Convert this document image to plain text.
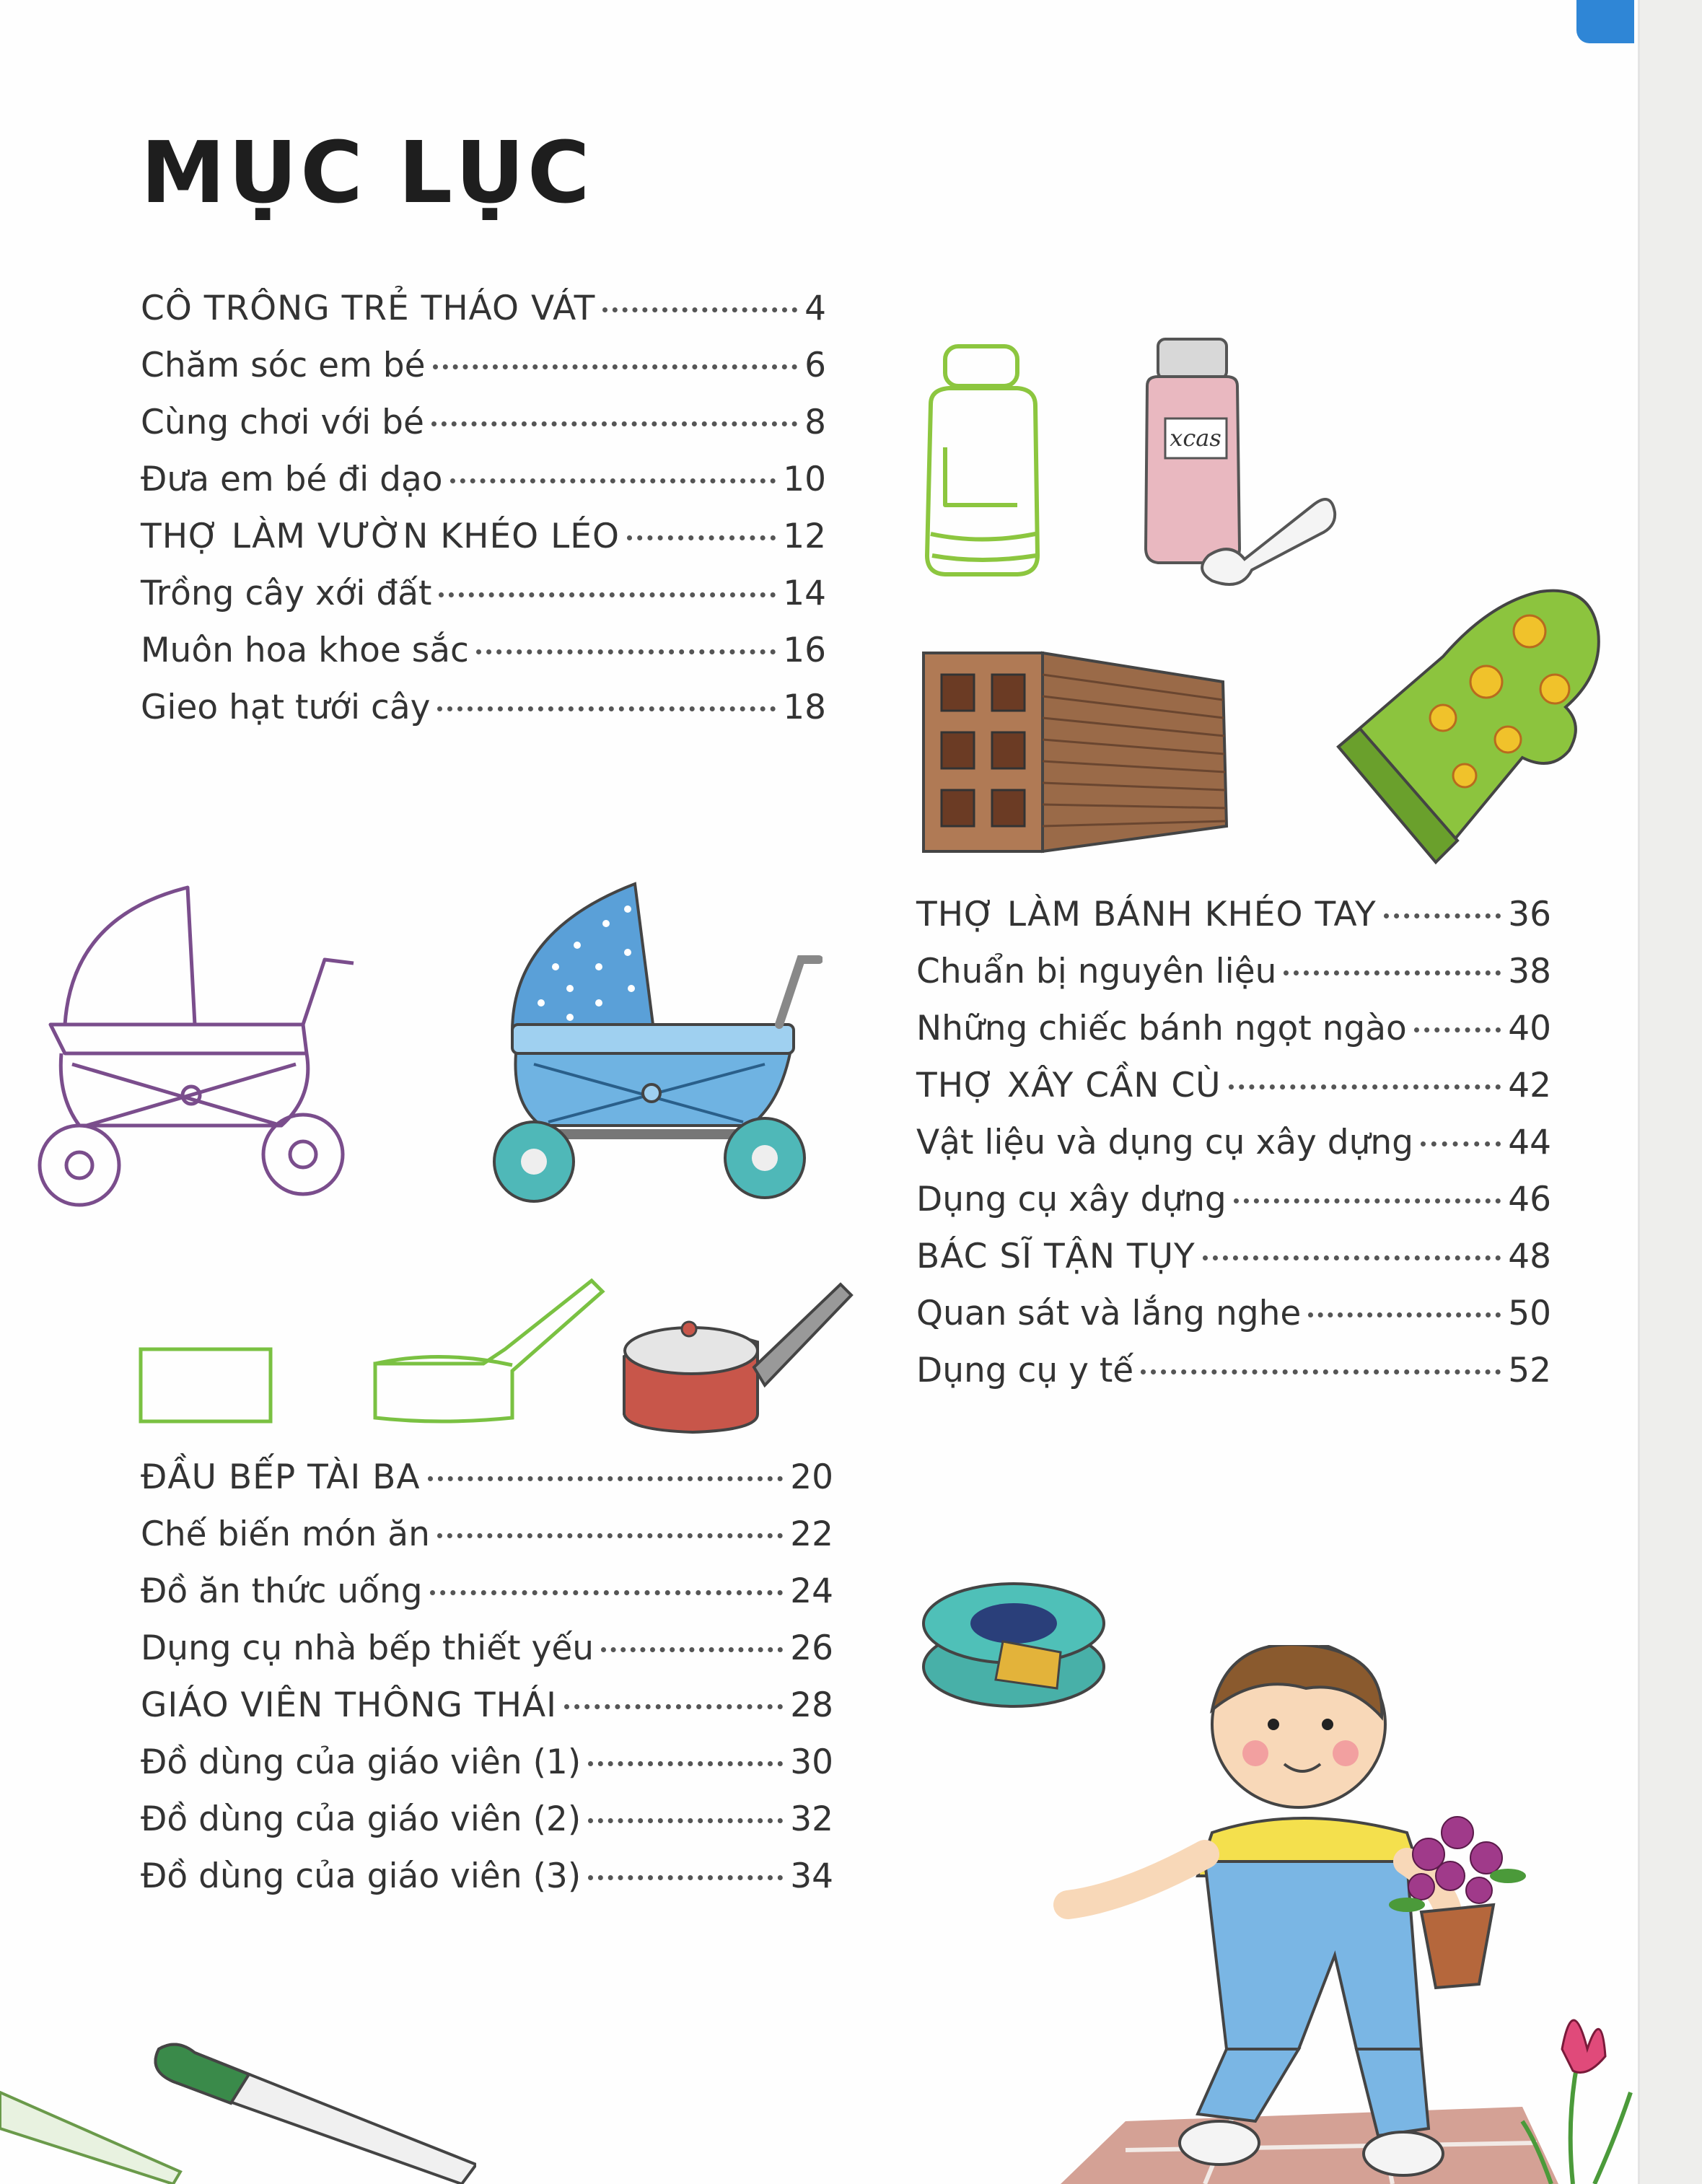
MỤC LỤC
CÔ TRÔNG TRẺ THÁO VÁT	4
Chăm sóc em bé	6
Cùng chơi với bé	8
Đưa em bé đi dạo	10
THỢ LÀM VƯỜN KHÉO LÉO	12
Trồng cây xới đất	14
Muôn hoa khoe sắc	16
Gieo hạt tưới cây	18
THỢ LÀM BÁNH KHÉO TAY	36
Chuẩn bị nguyên liệu	38
Những chiếc bánh ngọt ngào	40
THỢ XÂY CẦN CÙ	42
Vật liệu và dụng cụ xây dựng	44
Dụng cụ xây dựng	46
BÁC SĨ TẬN TỤY	48
Quan sát và lắng nghe	50
Dụng cụ y tế	52
ĐẦU BẾP TÀI BA	20
Chế biến món ăn	22
Đồ ăn thức uống	24
Dụng cụ nhà bếp thiết yếu	26
GIÁO VIÊN THÔNG THÁI	28
Đồ dùng của giáo viên (1)	30
Đồ dùng của giáo viên (2)	32
Đồ dùng của giáo viên (3)	34
xcas
